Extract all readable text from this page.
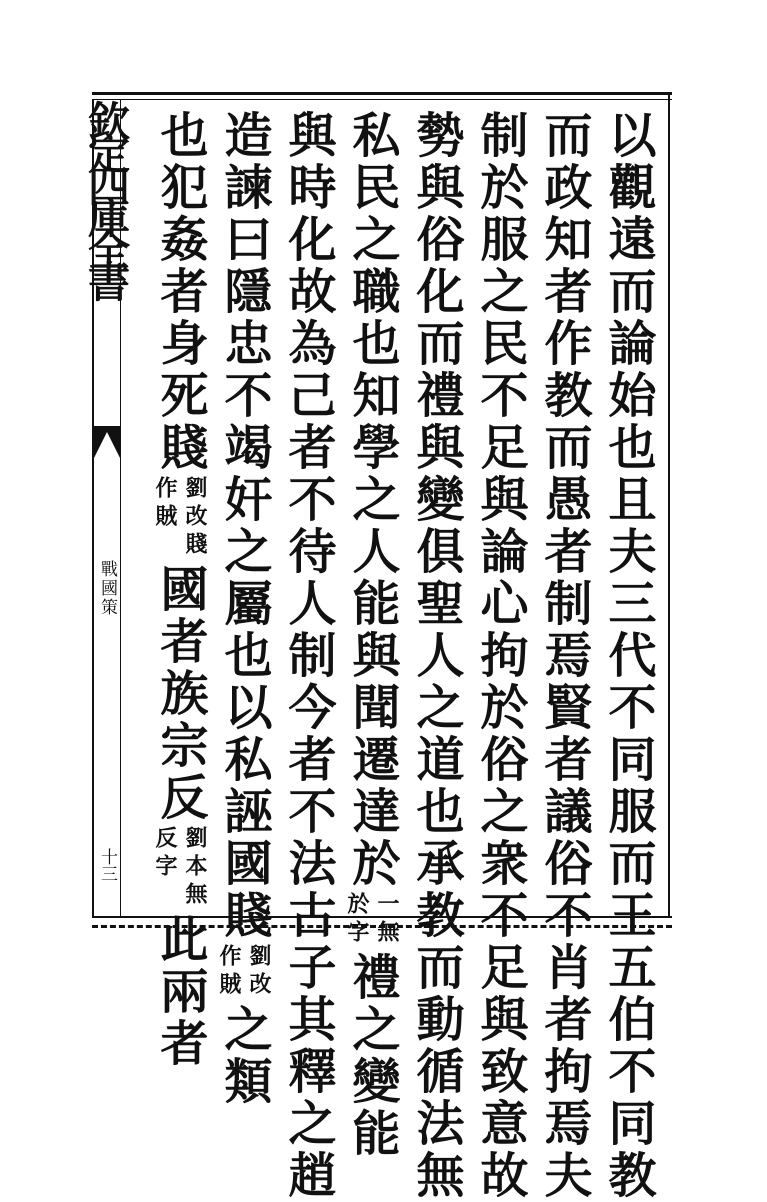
欽定四庫全書
戰國策
十三	以觀遠而論始也且夫三代不同服而王五伯不同教
而政知者作教而愚者制焉賢者議俗不肖者拘焉夫
制於服之民不足與論心拘於俗之衆不足與致意故
勢與俗化而禮與變俱聖人之道也承教而動循法無
私民之職也知學之人能與聞遷達於
一無
於字
禮之變能
與時化故為己者不待人制今者不法古子其釋之趙
造諫曰隱忠不竭奸之屬也以私誣國賤
劉改
作賊
之類
也犯姦者身死賤
劉改賤
作賊
國者族宗反
劉本無
反字
此兩者
